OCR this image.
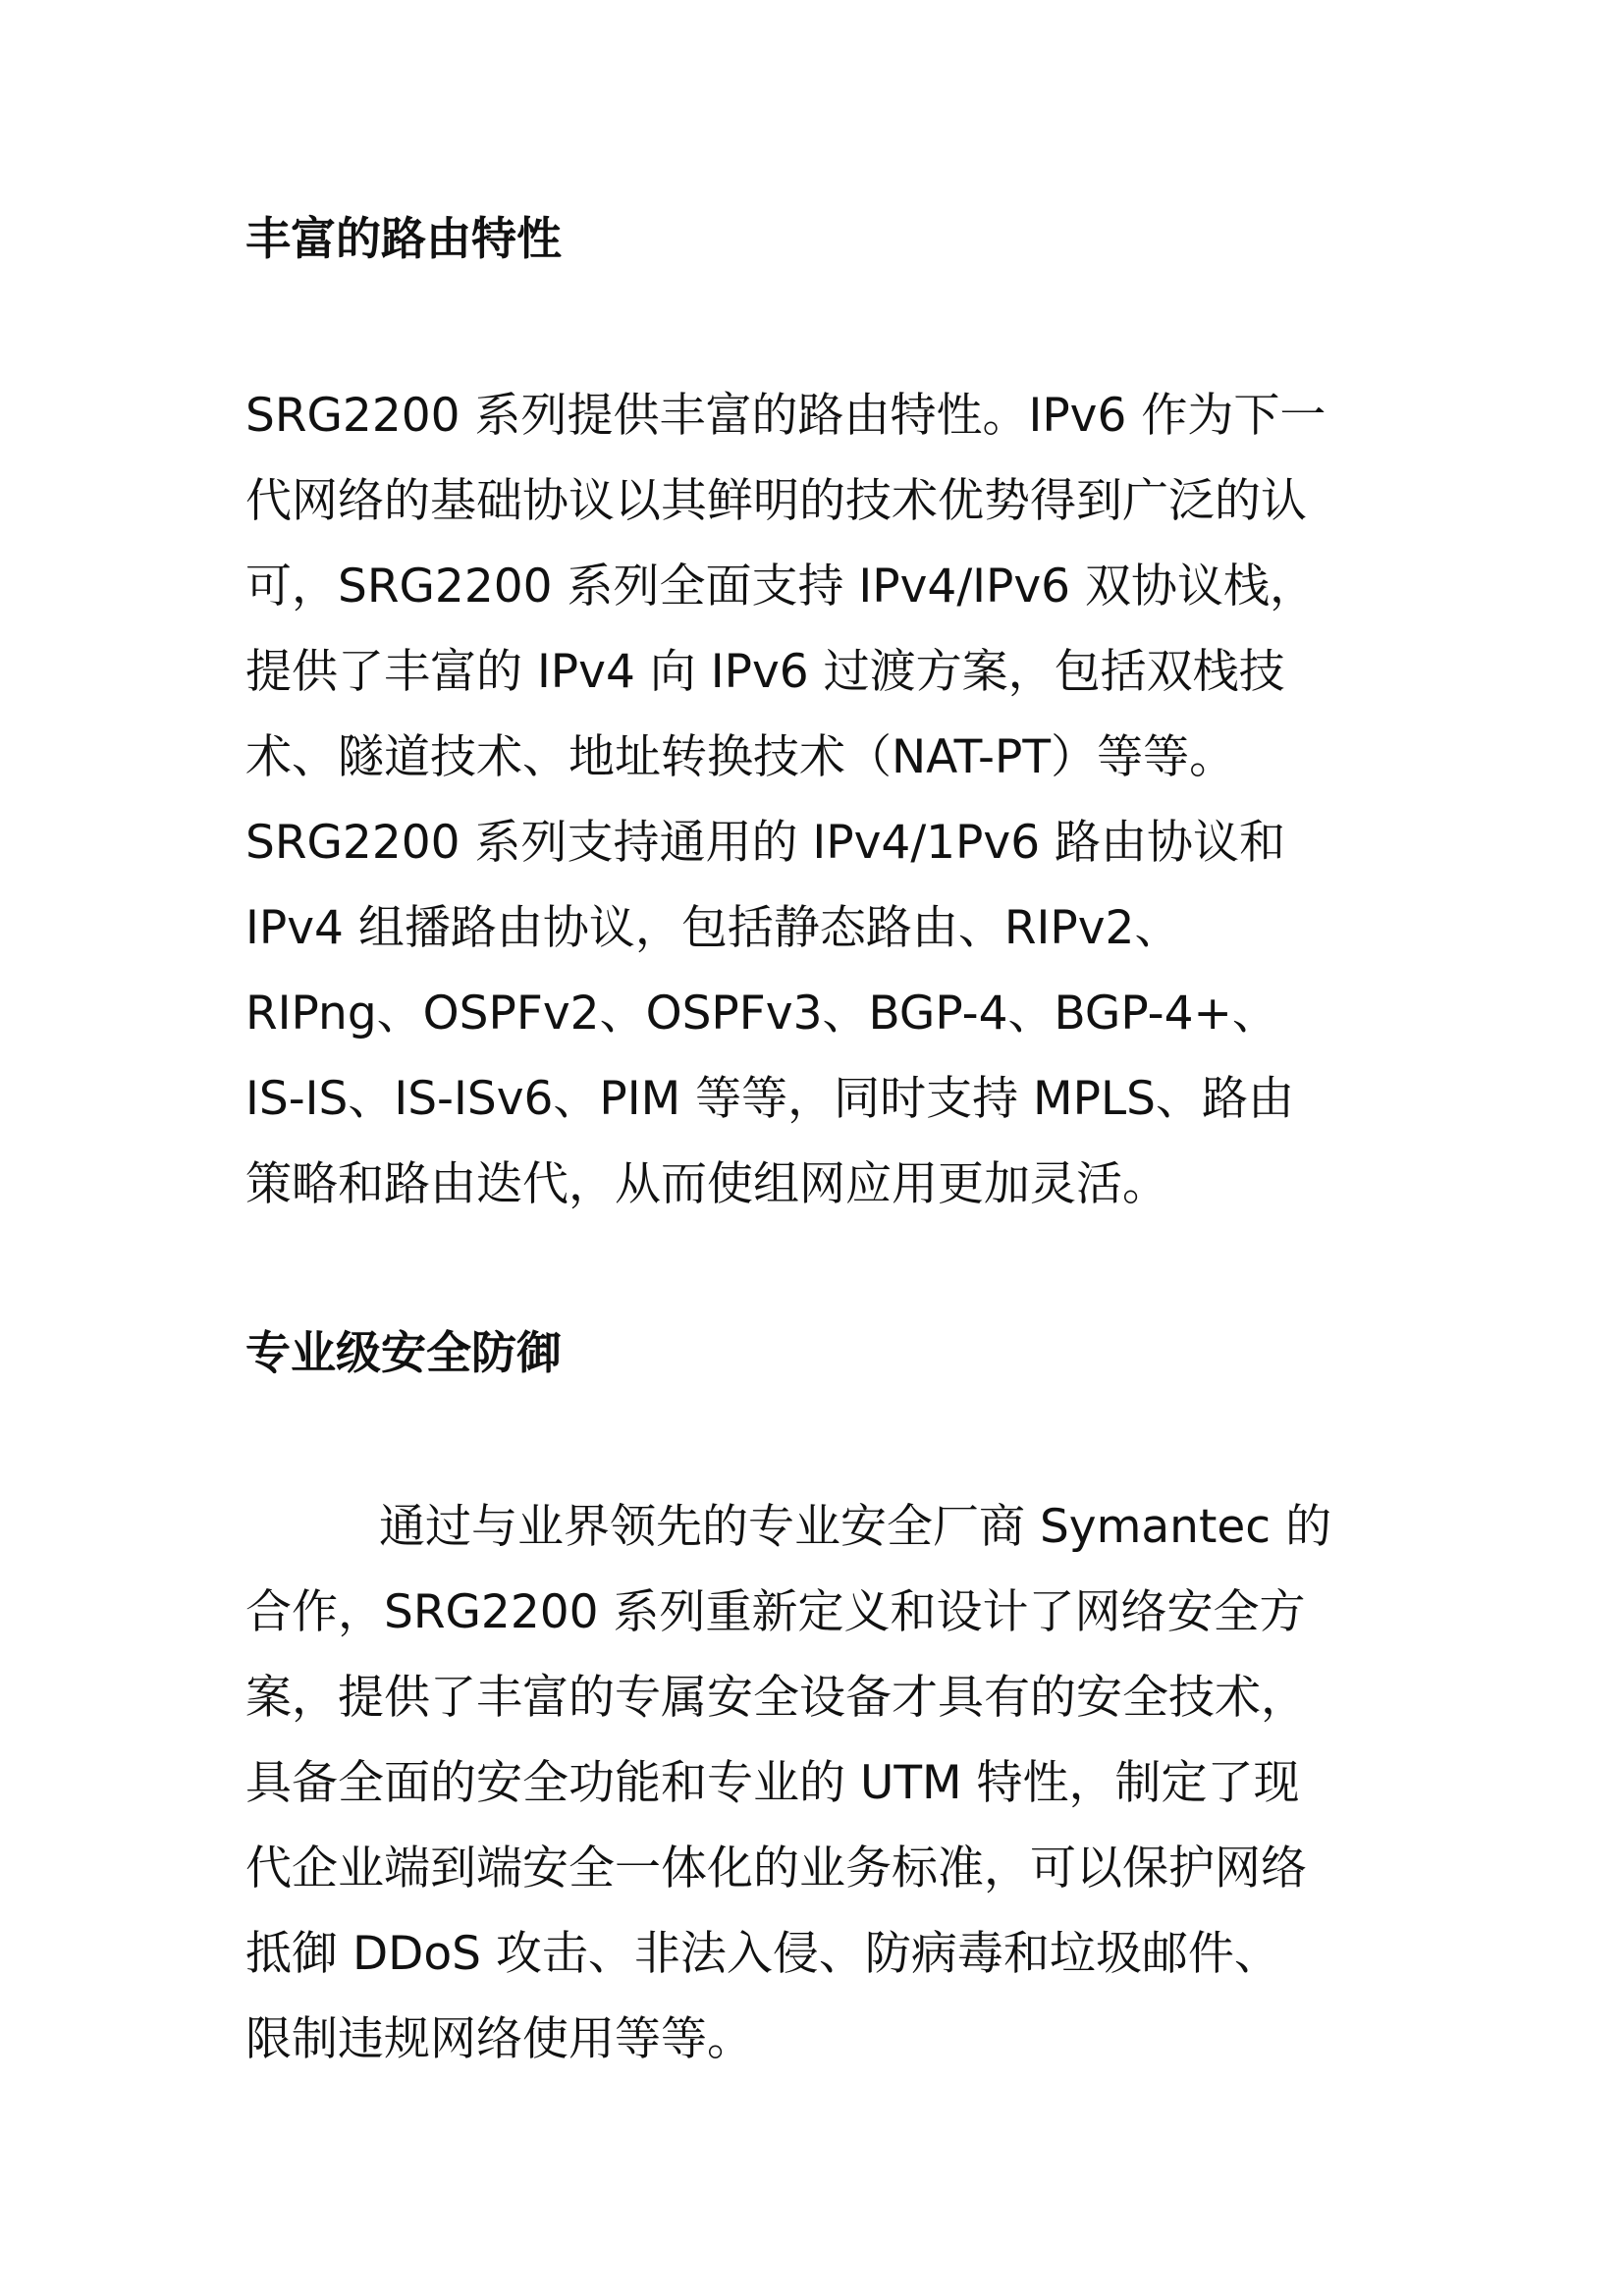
丰富的路由特性
SRG2200 系列提供丰富的路由特性。IPv6 作为下一
代网络的基础协议以其鲜明的技术优势得到广泛的认
可，SRG2200 系列全面支持 IPv4/IPv6 双协议栈，
提供了丰富的 IPv4 向 IPv6 过渡方案，包括双栈技
术、隧道技术、地址转换技术（NAT-PT）等等。
SRG2200 系列支持通用的 IPv4/1Pv6 路由协议和
IPv4 组播路由协议，包括静态路由、RIPv2、
RIPng、OSPFv2、OSPFv3、BGP-4、BGP-4+、
IS-IS、IS-ISv6、PIM 等等，同时支持 MPLS、路由
策略和路由迭代，从而使组网应用更加灵活。
专业级安全防御
通过与业界领先的专业安全厂商 Symantec 的
合作，SRG2200 系列重新定义和设计了网络安全方
案，提供了丰富的专属安全设备才具有的安全技术，
具备全面的安全功能和专业的 UTM 特性，制定了现
代企业端到端安全一体化的业务标准，可以保护网络
抵御 DDoS 攻击、非法入侵、防病毒和垃圾邮件、
限制违规网络使用等等。
